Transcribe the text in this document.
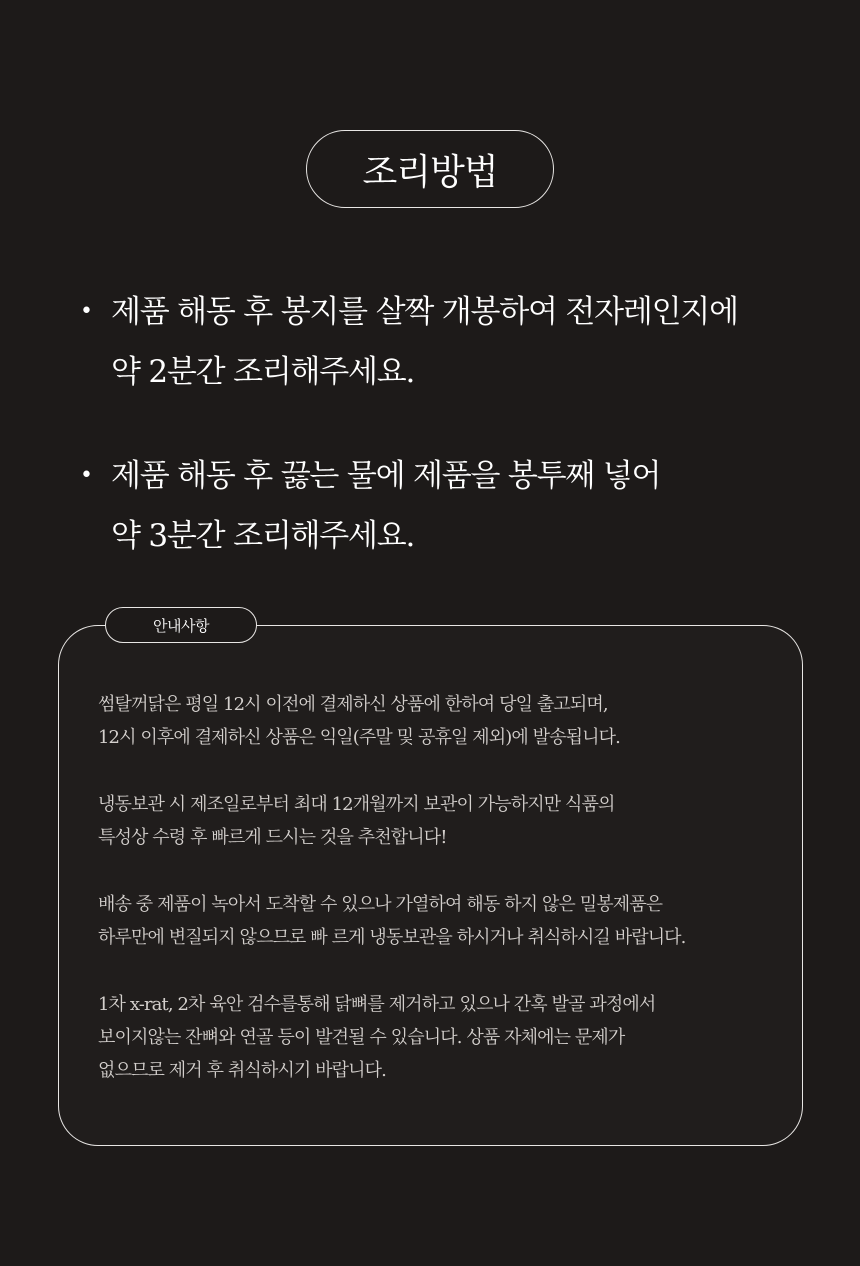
조리방법
• 제품 해동 후 봉지를 살짝 개봉하여 전자레인지에
약 2분간 조리해주세요.
• 제품 해동 후 끓는 물에 제품을 봉투째 넣어
약 3분간 조리해주세요.
안내사항

썸탈꺼닭은 평일 12시 이전에 결제하신 상품에 한하여 당일 출고되며,
12시 이후에 결제하신 상품은 익일(주말 및 공휴일 제외)에 발송됩니다.

냉동보관 시 제조일로부터 최대 12개월까지 보관이 가능하지만 식품의
특성상 수령 후 빠르게 드시는 것을 추천합니다!

배송 중 제품이 녹아서 도착할 수 있으나 가열하여 해동 하지 않은 밀봉제품은
하루만에 변질되지 않으므로 빠 르게 냉동보관을 하시거나 취식하시길 바랍니다.

1차 x-rat, 2차 육안 검수를통해 닭뼈를 제거하고 있으나 간혹 발골 과정에서
보이지않는 잔뼈와 연골 등이 발견될 수 있습니다. 상품 자체에는 문제가
없으므로 제거 후 취식하시기 바랍니다.
